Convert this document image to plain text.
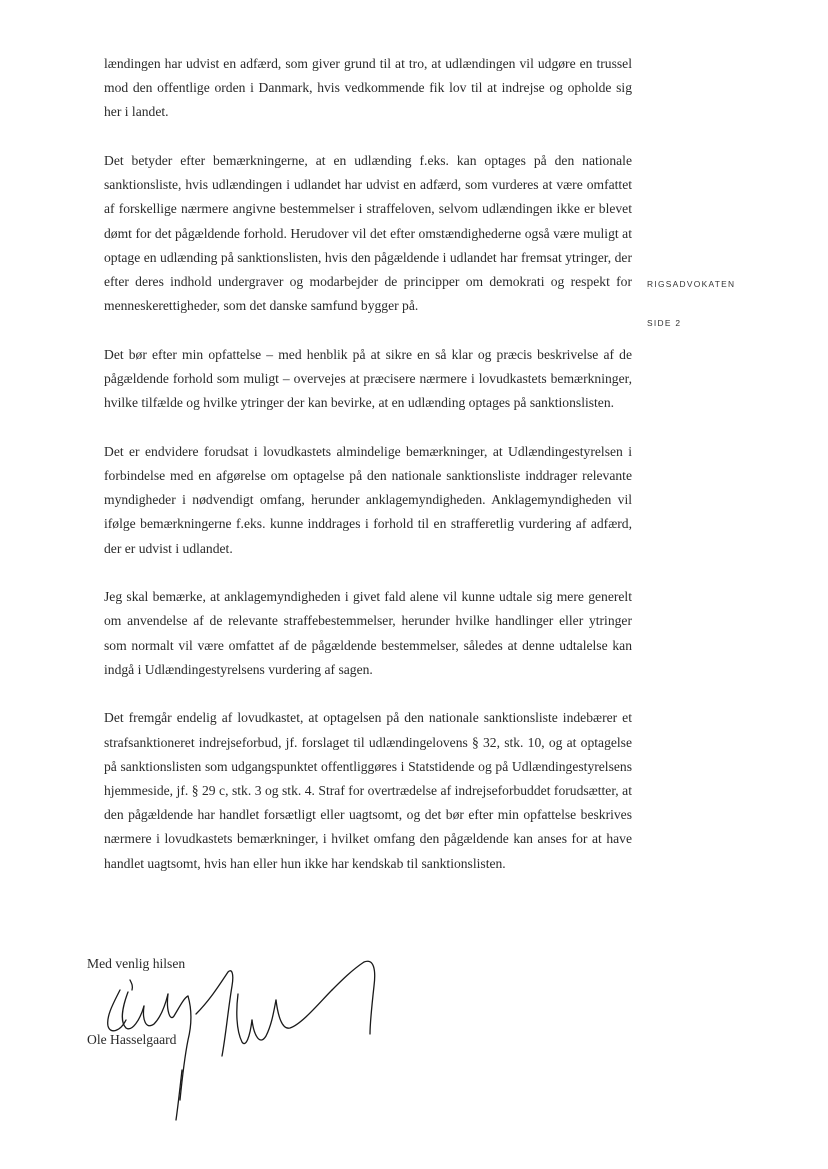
lændingen har udvist en adfærd, som giver grund til at tro, at udlændingen vil udgøre en trussel mod den offentlige orden i Danmark, hvis vedkommende fik lov til at indrejse og opholde sig her i landet.

Det betyder efter bemærkningerne, at en udlænding f.eks. kan optages på den nationale sanktionsliste, hvis udlændingen i udlandet har udvist en adfærd, som vurderes at være omfattet af forskellige nærmere angivne bestemmelser i straffeloven, selvom udlændingen ikke er blevet dømt for det pågældende forhold. Herudover vil det efter omstændighederne også være muligt at optage en udlænding på sanktionslisten, hvis den pågældende i udlandet har fremsat ytringer, der efter deres indhold undergraver og modarbejder de principper om demokrati og respekt for menneskerettigheder, som det danske samfund bygger på.

Det bør efter min opfattelse – med henblik på at sikre en så klar og præcis beskrivelse af de pågældende forhold som muligt – overvejes at præcisere nærmere i lovudkastets bemærkninger, hvilke tilfælde og hvilke ytringer der kan bevirke, at en udlænding optages på sanktionslisten.

Det er endvidere forudsat i lovudkastets almindelige bemærkninger, at Udlændingestyrelsen i forbindelse med en afgørelse om optagelse på den nationale sanktionsliste inddrager relevante myndigheder i nødvendigt omfang, herunder anklagemyndigheden. Anklagemyndigheden vil ifølge bemærkningerne f.eks. kunne inddrages i forhold til en strafferetlig vurdering af adfærd, der er udvist i udlandet.

Jeg skal bemærke, at anklagemyndigheden i givet fald alene vil kunne udtale sig mere generelt om anvendelse af de relevante straffebestemmelser, herunder hvilke handlinger eller ytringer som normalt vil være omfattet af de pågældende bestemmelser, således at denne udtalelse kan indgå i Udlændingestyrelsens vurdering af sagen.

Det fremgår endelig af lovudkastet, at optagelsen på den nationale sanktionsliste indebærer et strafsanktioneret indrejseforbud, jf. forslaget til udlændingelovens § 32, stk. 10, og at optagelse på sanktionslisten som udgangspunktet offentliggøres i Statstidende og på Udlændingestyrelsens hjemmeside, jf. § 29 c, stk. 3 og stk. 4. Straf for overtrædelse af indrejseforbuddet forudsætter, at den pågældende har handlet forsætligt eller uagtsomt, og det bør efter min opfattelse beskrives nærmere i lovudkastets bemærkninger, i hvilket omfang den pågældende kan anses for at have handlet uagtsomt, hvis han eller hun ikke har kendskab til sanktionslisten.

RIGSADVOKATEN
SIDE 2
Med venlig hilsen
Ole Hasselgaard
